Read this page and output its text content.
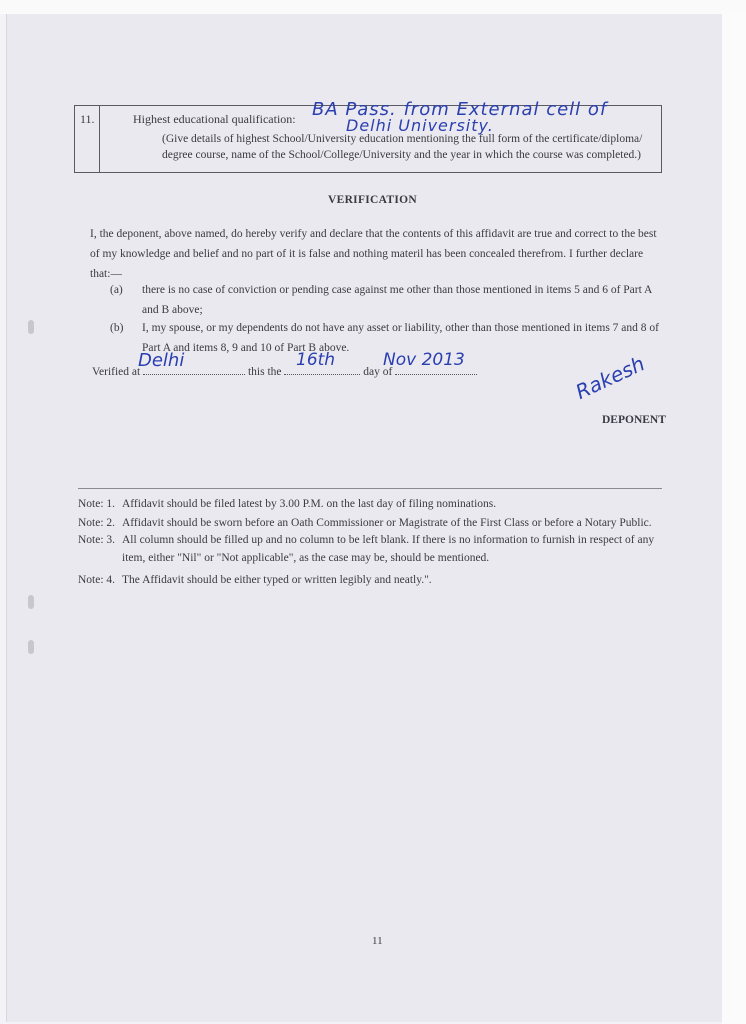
11.	Highest educational qualification: BA Pass. from External cell of
Delhi University.
(Give details of highest School/University education mentioning the full form of the certificate/diploma/
degree course, name of the School/College/University and the year in which the course was completed.)
VERIFICATION
I, the deponent, above named, do hereby verify and declare that the contents of this affidavit are true and correct to the best of my knowledge and belief and no part of it is false and nothing materil has been concealed therefrom. I further declare that:—
(a) there is no case of conviction or pending case against me other than those mentioned in items 5 and 6 of Part A and B above;
(b) I, my spouse, or my dependents do not have any asset or liability, other than those mentioned in items 7 and 8 of Part A and items 8, 9 and 10 of Part B above.
Verified at	this the	day of
Delhi	16th	Nov 2013	Rakesh
DEPONENT
Note: 1. Affidavit should be filed latest by 3.00 P.M. on the last day of filing nominations.
Note: 2. Affidavit should be sworn before an Oath Commissioner or Magistrate of the First Class or before a Notary Public.
Note: 3. All column should be filled up and no column to be left blank. If there is no information to furnish in respect of any item, either "Nil" or "Not applicable", as the case may be, should be mentioned.
Note: 4. The Affidavit should be either typed or written legibly and neatly.".
11
